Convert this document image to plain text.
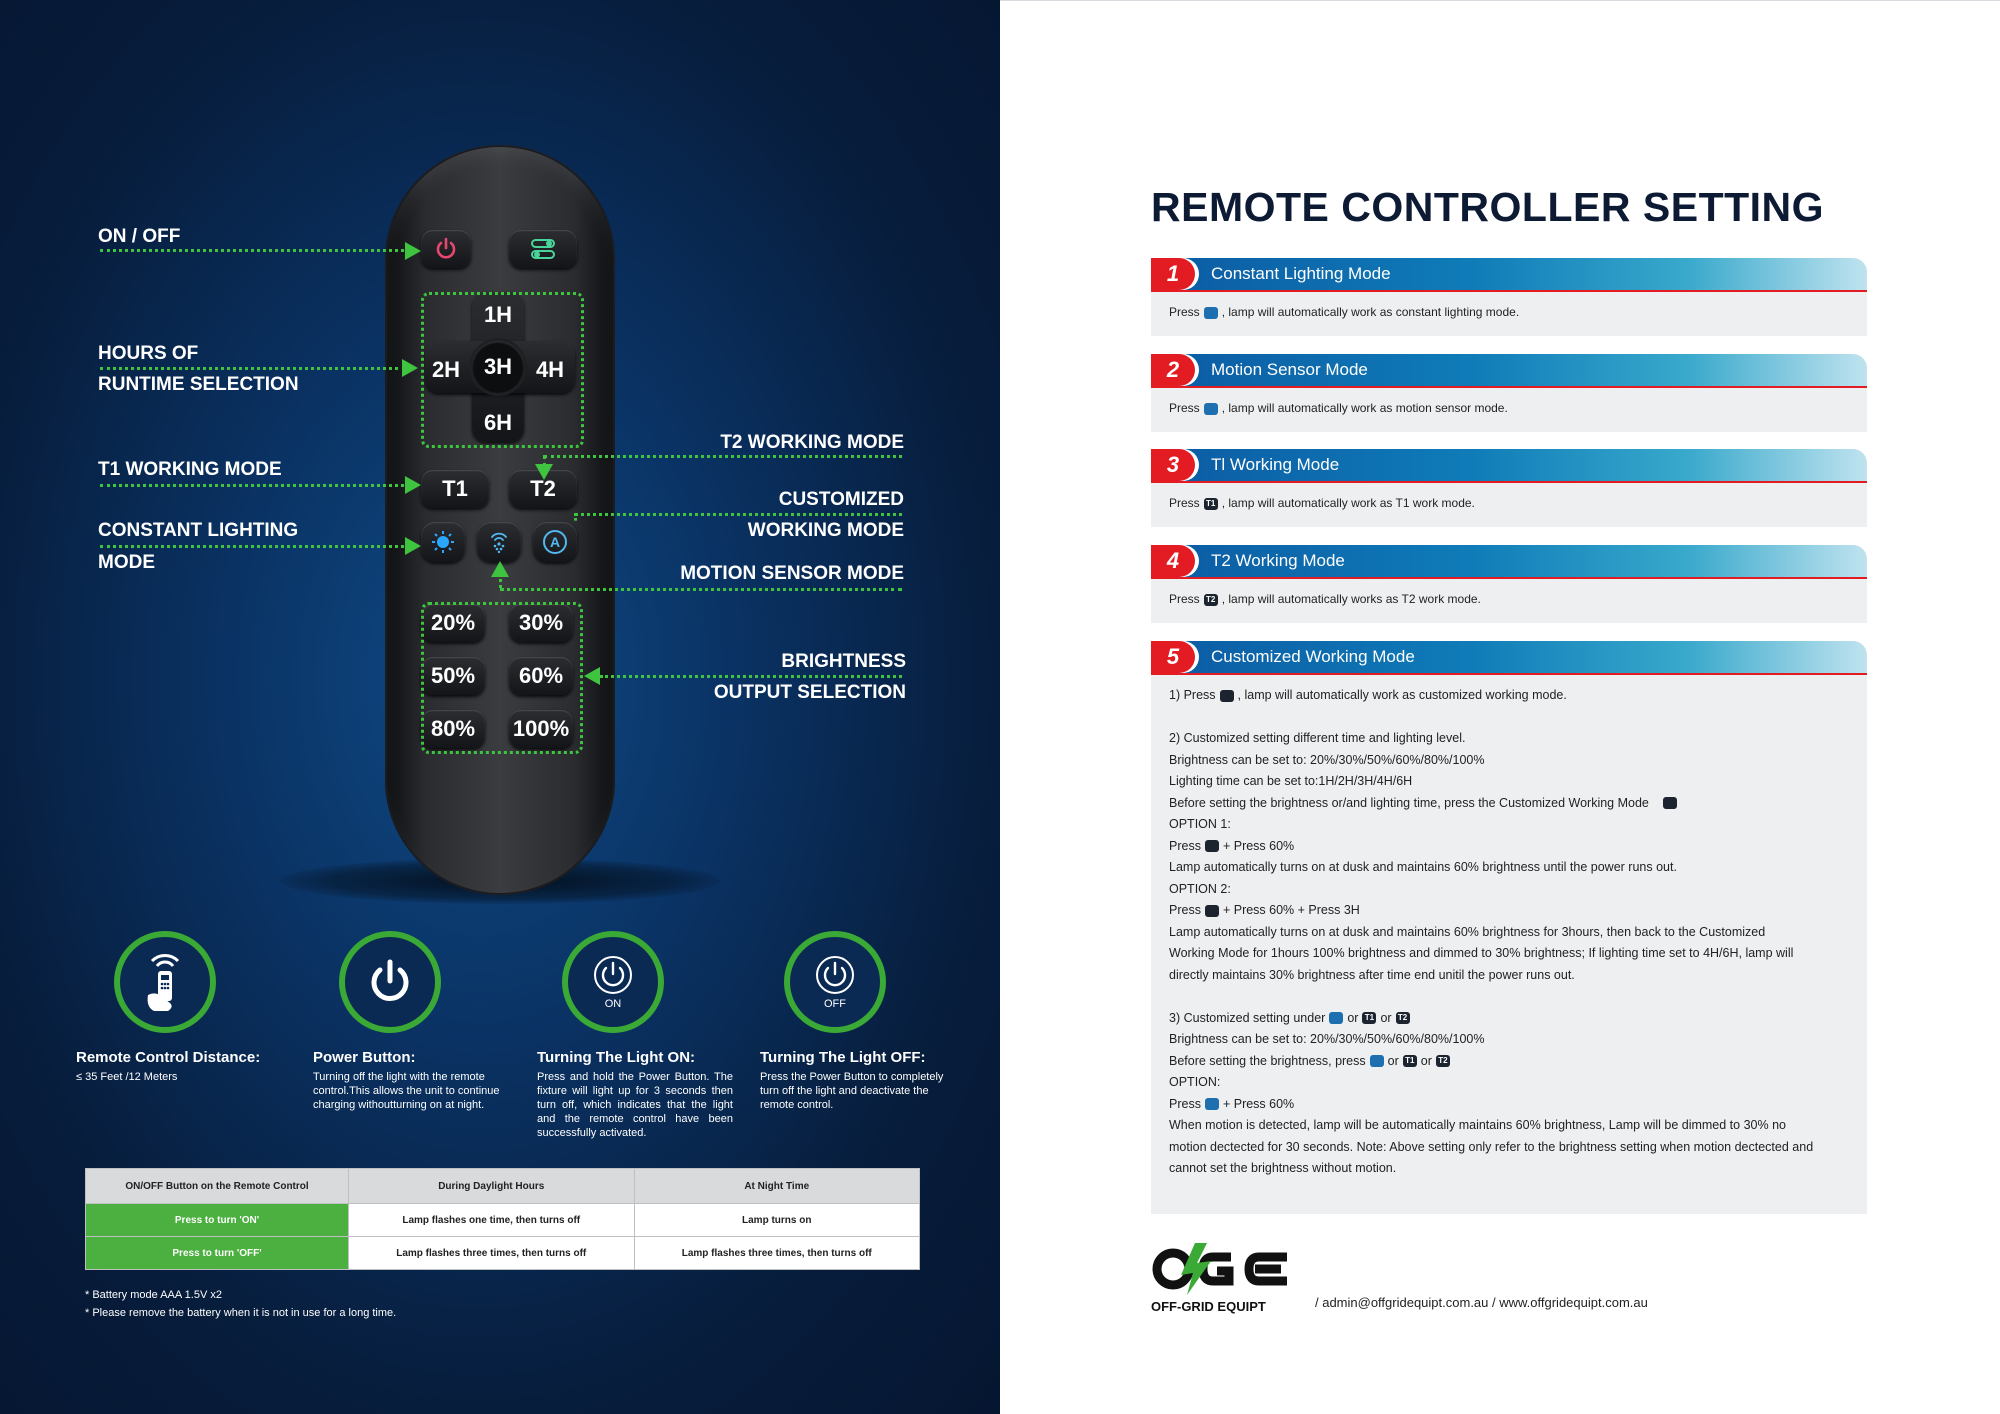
ON / OFF
HOURS OF
RUNTIME SELECTION
T1 WORKING MODE
CONSTANT LIGHTING
MODE
T2 WORKING MODE
CUSTOMIZED
WORKING MODE
MOTION SENSOR MODE
BRIGHTNESS
OUTPUT SELECTION
3H
1H
2H	4H
6H
T1	T2
A
20%	30%
50%	60%
80%	100%
ON	OFF
Remote Control Distance:
≤ 35 Feet /12 Meters
Power Button:
Turning off the light with the remote control.This allows the unit to continue charging withoutturning on at night.
Turning The Light ON:
Press and hold the Power Button. The fixture will light up for 3 seconds then turn off, which indicates that the light and the remote control have been successfully activated.
Turning The Light OFF:
Press the Power Button to completely turn off the light and deactivate the remote control.
ON/OFF Button on the Remote Control	During Daylight Hours	At Night Time
Press to turn 'ON'	Lamp flashes one time, then turns off	Lamp turns on
Press to turn 'OFF'	Lamp flashes three times, then turns off	Lamp flashes three times, then turns off
* Battery mode AAA 1.5V x2
* Please remove the battery when it is not in use for a long time.
REMOTE CONTROLLER SETTING
1	Constant Lighting Mode

Press , lamp will automatically work as constant lighting mode.

2	Motion Sensor Mode

Press , lamp will automatically work as motion sensor mode.

3	Tl Working Mode

Press T1 , lamp will automatically work as T1 work mode.

4	T2 Working Mode

Press T2 , lamp will automatically works as T2 work mode.

5	Customized Working Mode

1) Press , lamp will automatically work as customized working mode.

2) Customized setting different time and lighting level.

Brightness can be set to: 20%/30%/50%/60%/80%/100%

Lighting time can be set to:1H/2H/3H/4H/6H

Before setting the brightness or/and lighting time, press the Customized Working Mode

OPTION 1:

Press + Press 60%

Lamp automatically turns on at dusk and maintains 60% brightness until the power runs out.

OPTION 2:

Press + Press 60% + Press 3H

Lamp automatically turns on at dusk and maintains 60% brightness for 3hours, then back to the Customized

Working Mode for 1hours 100% brightness and dimmed to 30% brightness; If lighting time set to 4H/6H, lamp will

directly maintains 30% brightness after time end unitil the power runs out.

3) Customized setting under or T1 or T2

Brightness can be set to: 20%/30%/50%/60%/80%/100%

Before setting the brightness, press or T1 or T2

OPTION:

Press + Press 60%

When motion is detected, lamp will be automatically maintains 60% brightness, Lamp will be dimmed to 30% no

motion dectected for 30 seconds. Note: Above setting only refer to the brightness setting when motion dectected and

cannot set the brightness without motion.

OFF-GRID EQUIPT	/ admin@offgridequipt.com.au / www.offgridequipt.com.au
